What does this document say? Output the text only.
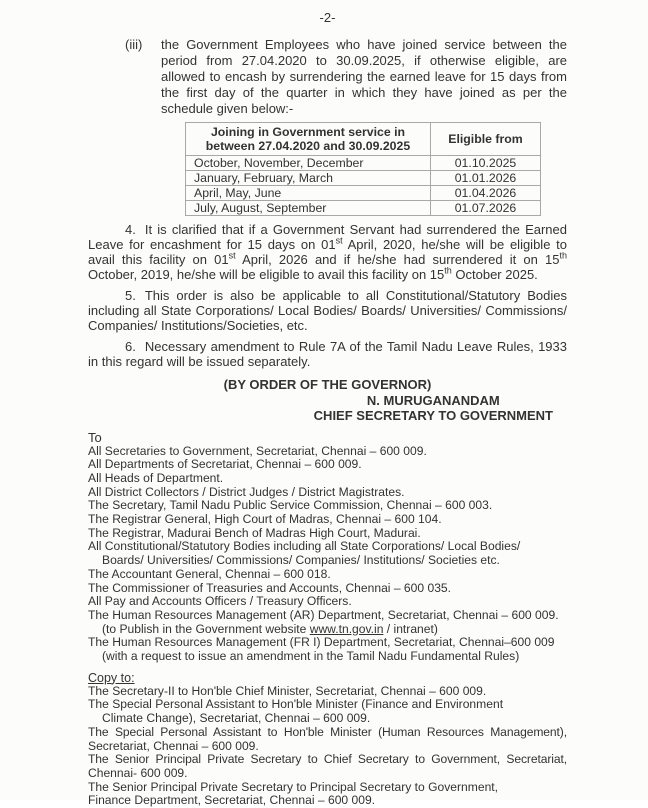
-2-
(iii)	the Government Employees who have joined service between the period from 27.04.2020 to 30.09.2025, if otherwise eligible, are allowed to encash by surrendering the earned leave for 15 days from the first day of the quarter in which they have joined as per the schedule given below:-
Joining in Government service in between 27.04.2020 and 30.09.2025	Eligible from
October, November, December	01.10.2025
January, February, March	01.01.2026
April, May, June	01.04.2026
July, August, September	01.07.2026

4. It is clarified that if a Government Servant had surrendered the Earned Leave for encashment for 15 days on 01st April, 2020, he/she will be eligible to avail this facility on 01st April, 2026 and if he/she had surrendered it on 15th October, 2019, he/she will be eligible to avail this facility on 15th October 2025.

5. This order is also be applicable to all Constitutional/Statutory Bodies including all State Corporations/ Local Bodies/ Boards/ Universities/ Commissions/ Companies/ Institutions/Societies, etc.

6. Necessary amendment to Rule 7A of the Tamil Nadu Leave Rules, 1933 in this regard will be issued separately.

(BY ORDER OF THE GOVERNOR)
N. MURUGANANDAM
CHIEF SECRETARY TO GOVERNMENT
To
All Secretaries to Government, Secretariat, Chennai – 600 009.
All Departments of Secretariat, Chennai – 600 009.
All Heads of Department.
All District Collectors / District Judges / District Magistrates.
The Secretary, Tamil Nadu Public Service Commission, Chennai – 600 003.
The Registrar General, High Court of Madras, Chennai – 600 104.
The Registrar, Madurai Bench of Madras High Court, Madurai.
All Constitutional/Statutory Bodies including all State Corporations/ Local Bodies/
Boards/ Universities/ Commissions/ Companies/ Institutions/ Societies etc.
The Accountant General, Chennai – 600 018.
The Commissioner of Treasuries and Accounts, Chennai – 600 035.
All Pay and Accounts Officers / Treasury Officers.
The Human Resources Management (AR) Department, Secretariat, Chennai – 600 009.
(to Publish in the Government website www.tn.gov.in / intranet)
The Human Resources Management (FR I) Department, Secretariat, Chennai–600 009
(with a request to issue an amendment in the Tamil Nadu Fundamental Rules)
Copy to:
The Secretary-II to Hon'ble Chief Minister, Secretariat, Chennai – 600 009.
The Special Personal Assistant to Hon'ble Minister (Finance and Environment
Climate Change), Secretariat, Chennai – 600 009.
The Special Personal Assistant to Hon'ble Minister (Human Resources Management),
Secretariat, Chennai – 600 009.
The Senior Principal Private Secretary to Chief Secretary to Government, Secretariat,
Chennai- 600 009.
The Senior Principal Private Secretary to Principal Secretary to Government,
Finance Department, Secretariat, Chennai – 600 009.
